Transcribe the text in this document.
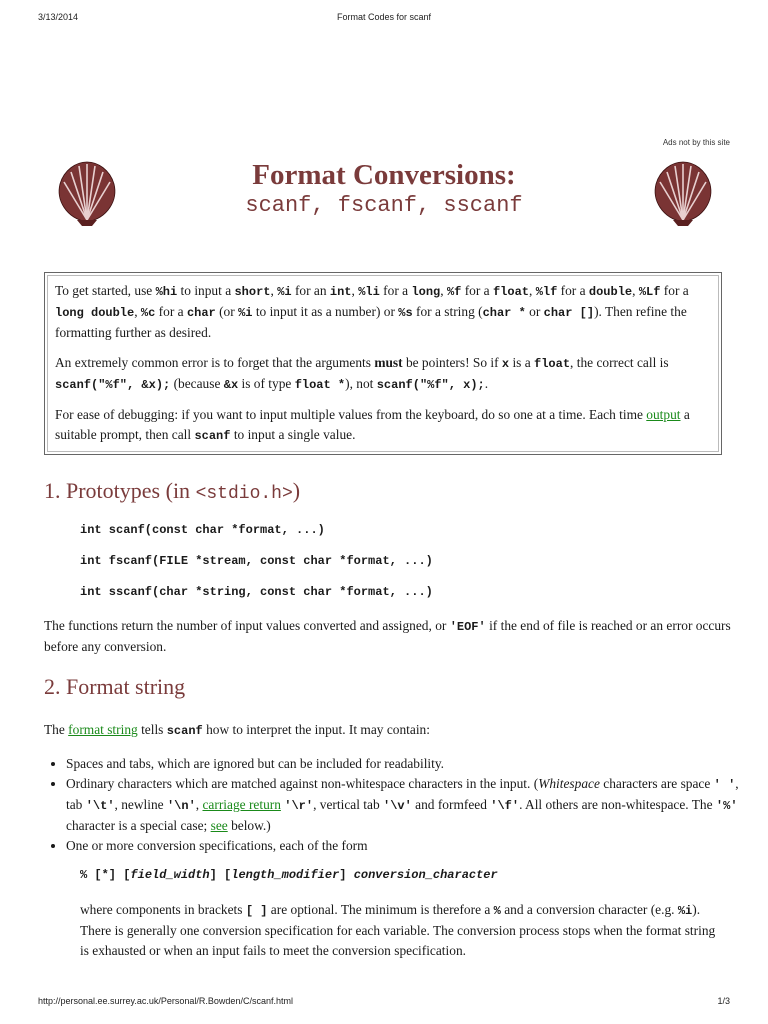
3/13/2014	Format Codes for scanf
Ads not by this site
Format Conversions:
scanf, fscanf, sscanf

To get started, use %hi to input a short, %i for an int, %li for a long, %f for a float, %lf for a double, %Lf for a long double, %c for a char (or %i to input it as a number) or %s for a string (char * or char []). Then refine the formatting further as desired.

An extremely common error is to forget that the arguments must be pointers! So if x is a float, the correct call is scanf("%f", &x); (because &x is of type float *), not scanf("%f", x);.

For ease of debugging: if you want to input multiple values from the keyboard, do so one at a time. Each time output a suitable prompt, then call scanf to input a single value.

1. Prototypes (in <stdio.h>)
int scanf(const char *format, ...)
int fscanf(FILE *stream, const char *format, ...)
int sscanf(char *string, const char *format, ...)

The functions return the number of input values converted and assigned, or 'EOF' if the end of file is reached or an error occurs before any conversion.

2. Format string

The format string tells scanf how to interpret the input. It may contain:

• Spaces and tabs, which are ignored but can be included for readability.
• Ordinary characters which are matched against non-whitespace characters in the input. (Whitespace characters are space ' ', tab '\t', newline '\n', carriage return '\r', vertical tab '\v' and formfeed '\f'. All others are non-whitespace. The '%' character is a special case; see below.)
• One or more conversion specifications, each of the form
% [*] [field_width] [length_modifier] conversion_character

where components in brackets [ ] are optional. The minimum is therefore a % and a conversion character (e.g. %i). There is generally one conversion specification for each variable. The conversion process stops when the format string is exhausted or when an input fails to meet the conversion specification.

http://personal.ee.surrey.ac.uk/Personal/R.Bowden/C/scanf.html	1/3
